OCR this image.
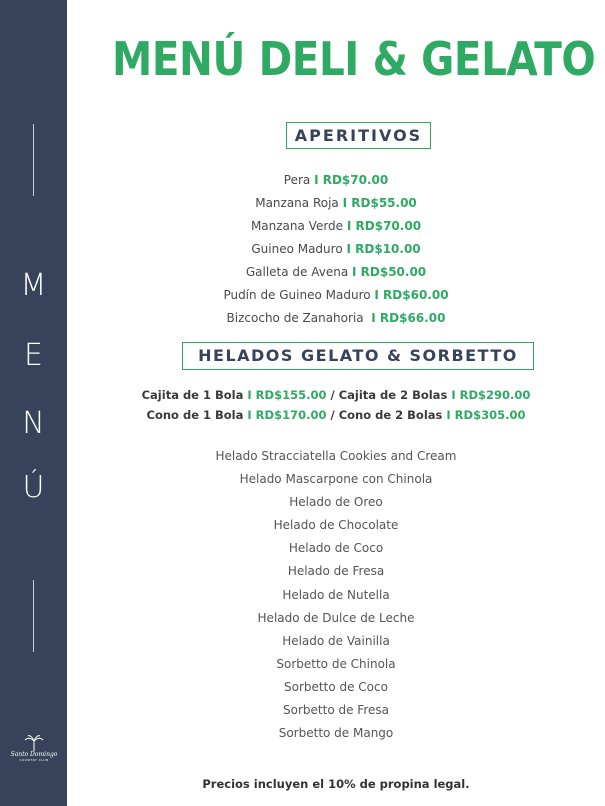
M
E
N
Ú
Santo Domingo
COUNTRY CLUB
MENÚ DELI & GELATO
APERITIVOS
Pera I RD$70.00
Manzana Roja I RD$55.00
Manzana Verde I RD$70.00
Guineo Maduro I RD$10.00
Galleta de Avena I RD$50.00
Pudín de Guineo Maduro I RD$60.00
Bizcocho de Zanahoria  I RD$66.00
HELADOS GELATO & SORBETTO
Cajita de 1 Bola I RD$155.00 / Cajita de 2 Bolas I RD$290.00
Cono de 1 Bola I RD$170.00 / Cono de 2 Bolas I RD$305.00
Helado Stracciatella Cookies and Cream
Helado Mascarpone con Chinola
Helado de Oreo
Helado de Chocolate
Helado de Coco
Helado de Fresa
Helado de Nutella
Helado de Dulce de Leche
Helado de Vainilla
Sorbetto de Chinola
Sorbetto de Coco
Sorbetto de Fresa
Sorbetto de Mango
Precios incluyen el 10% de propina legal.
